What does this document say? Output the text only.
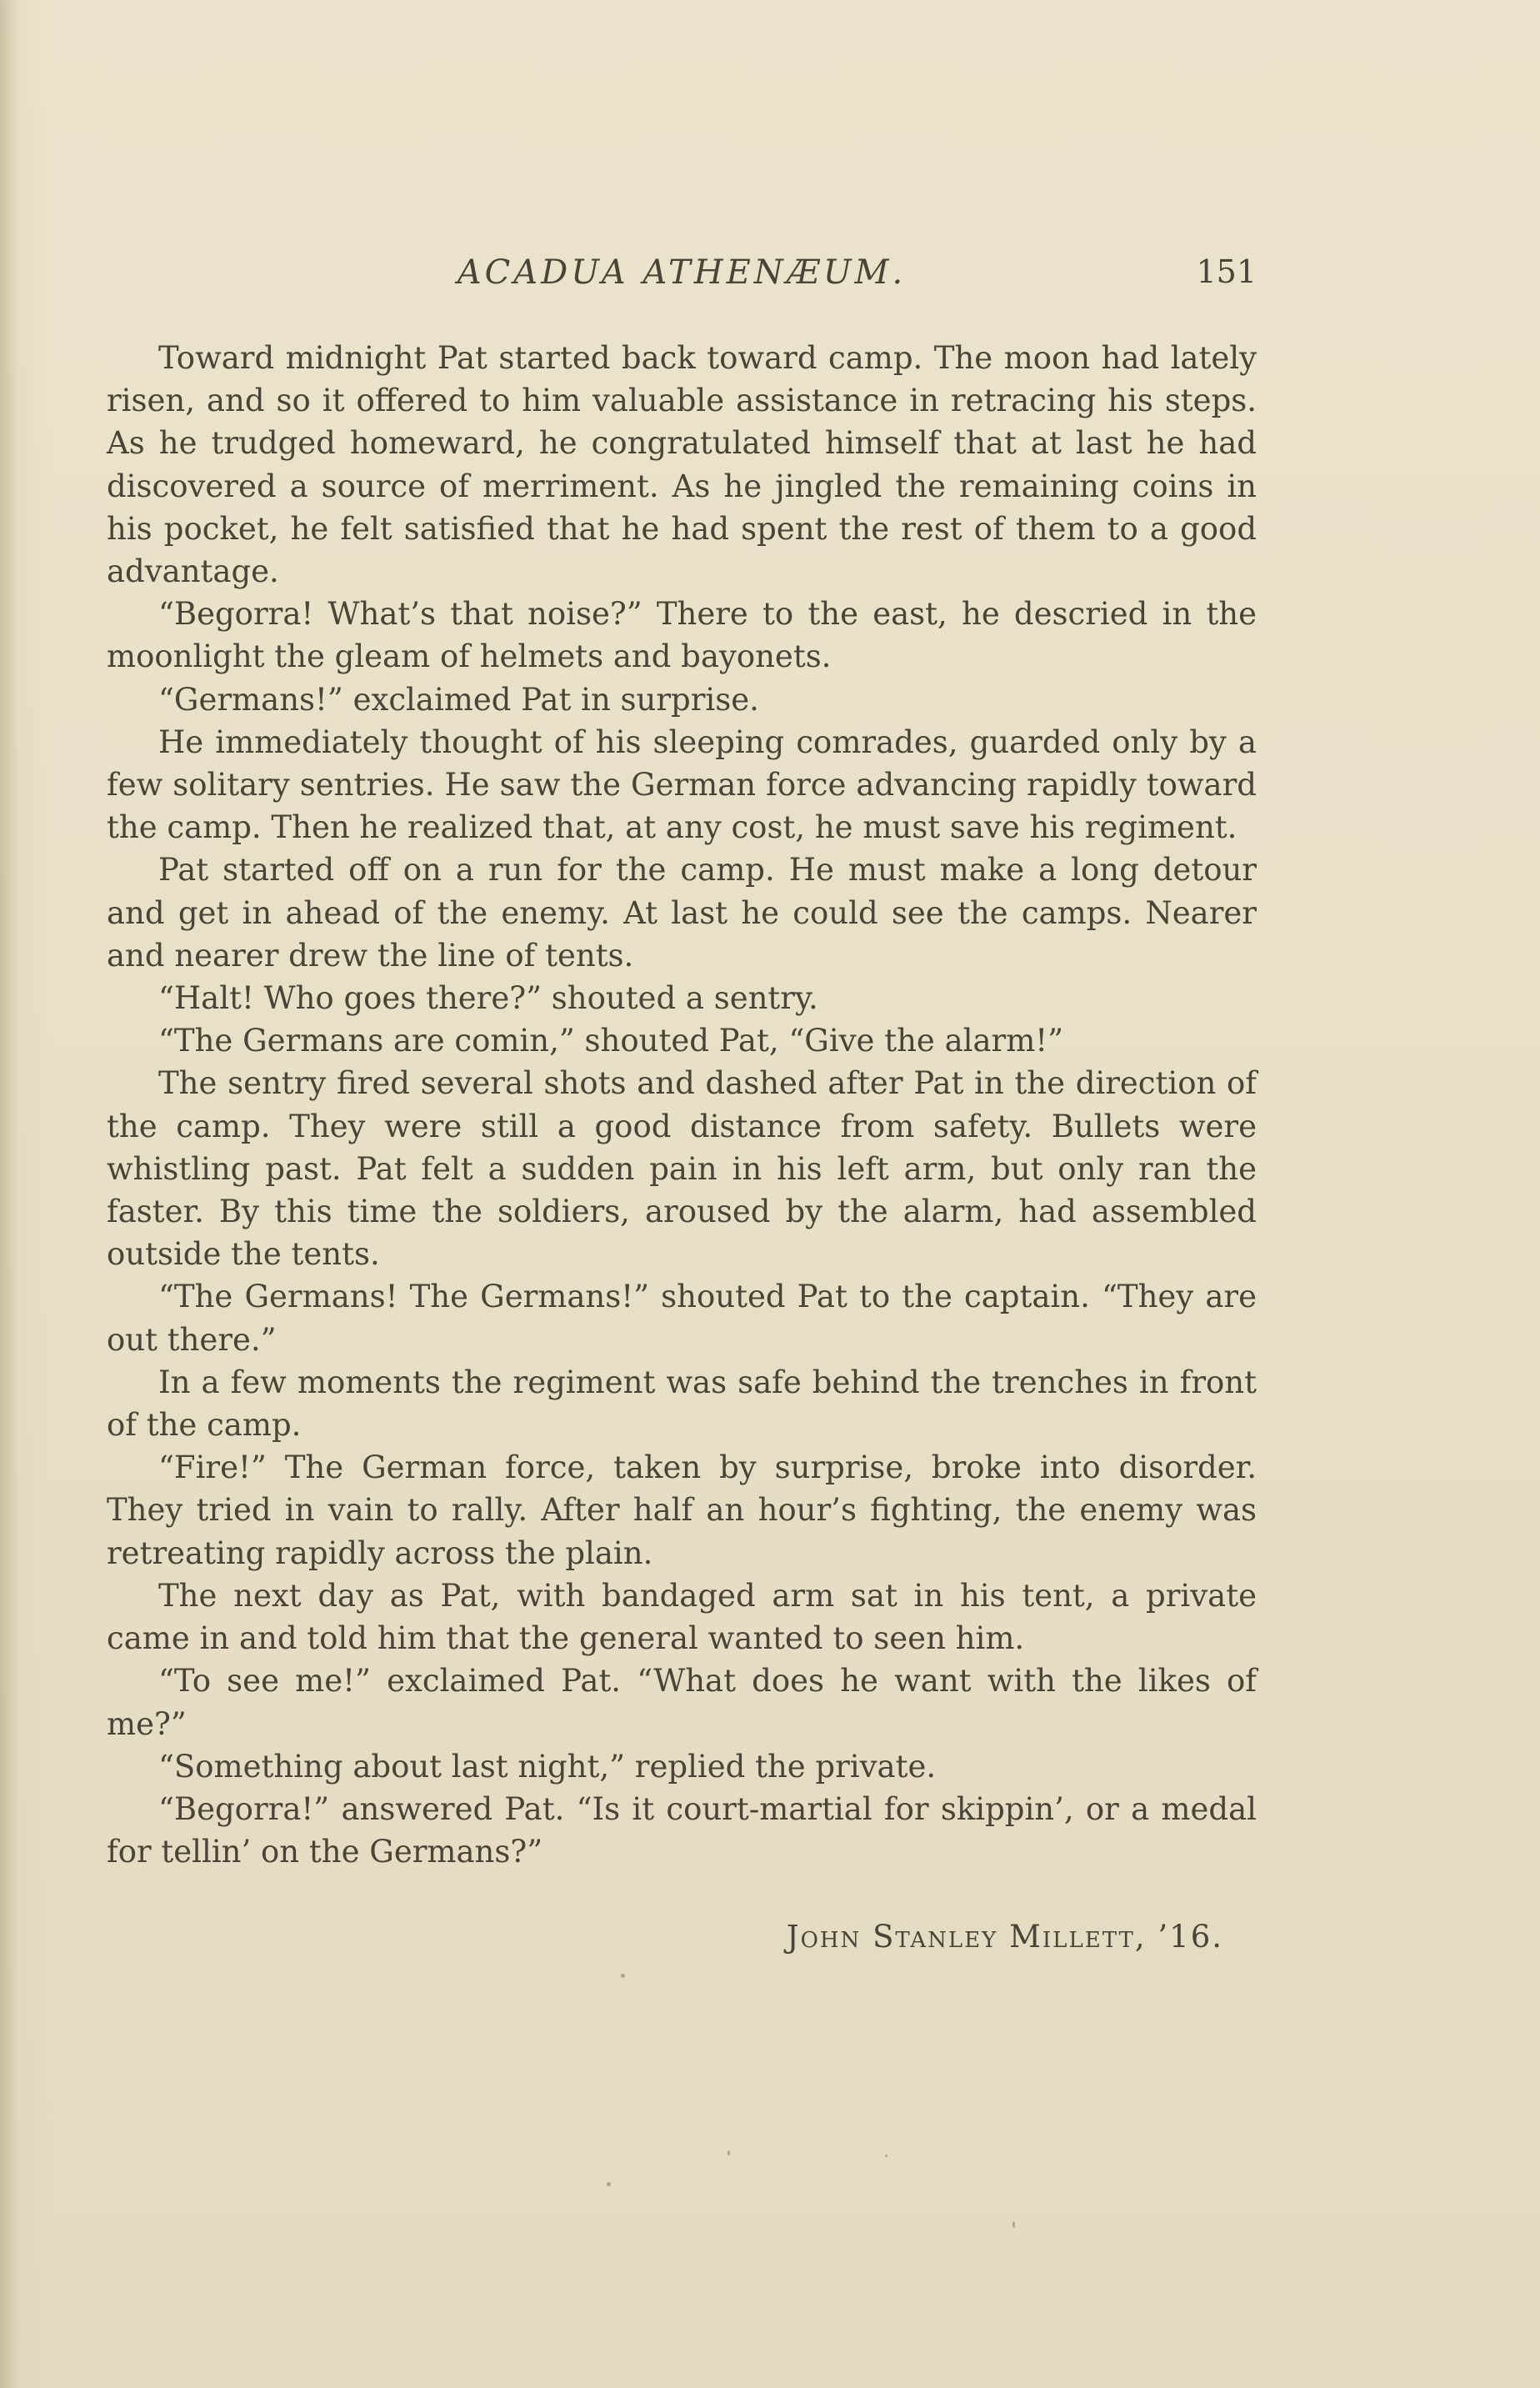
ACADUA ATHENÆUM.	151

Toward midnight Pat started back toward camp. The moon had lately risen, and so it offered to him valuable assistance in retracing his steps. As he trudged homeward, he congratulated himself that at last he had discovered a source of merriment. As he jingled the remaining coins in his pocket, he felt satisfied that he had spent the rest of them to a good advantage.

“Begorra! What’s that noise?” There to the east, he descried in the moonlight the gleam of helmets and bayonets.

“Germans!” exclaimed Pat in surprise.

He immediately thought of his sleeping comrades, guarded only by a few solitary sentries. He saw the German force advancing rapidly toward the camp. Then he realized that, at any cost, he must save his regiment.

Pat started off on a run for the camp. He must make a long detour and get in ahead of the enemy. At last he could see the camps. Nearer and nearer drew the line of tents.

“Halt! Who goes there?” shouted a sentry.

“The Germans are comin,” shouted Pat, “Give the alarm!”

The sentry fired several shots and dashed after Pat in the direction of the camp. They were still a good distance from safety. Bullets were whistling past. Pat felt a sudden pain in his left arm, but only ran the faster. By this time the soldiers, aroused by the alarm, had assembled outside the tents.

“The Germans! The Germans!” shouted Pat to the captain. “They are out there.”

In a few moments the regiment was safe behind the trenches in front of the camp.

“Fire!” The German force, taken by surprise, broke into disorder. They tried in vain to rally. After half an hour’s fighting, the enemy was retreating rapidly across the plain.

The next day as Pat, with bandaged arm sat in his tent, a private came in and told him that the general wanted to seen him.

“To see me!” exclaimed Pat. “What does he want with the likes of me?”

“Something about last night,” replied the private.

“Begorra!” answered Pat. “Is it court-martial for skippin’, or a medal for tellin’ on the Germans?”

John Stanley Millett, ’16.
